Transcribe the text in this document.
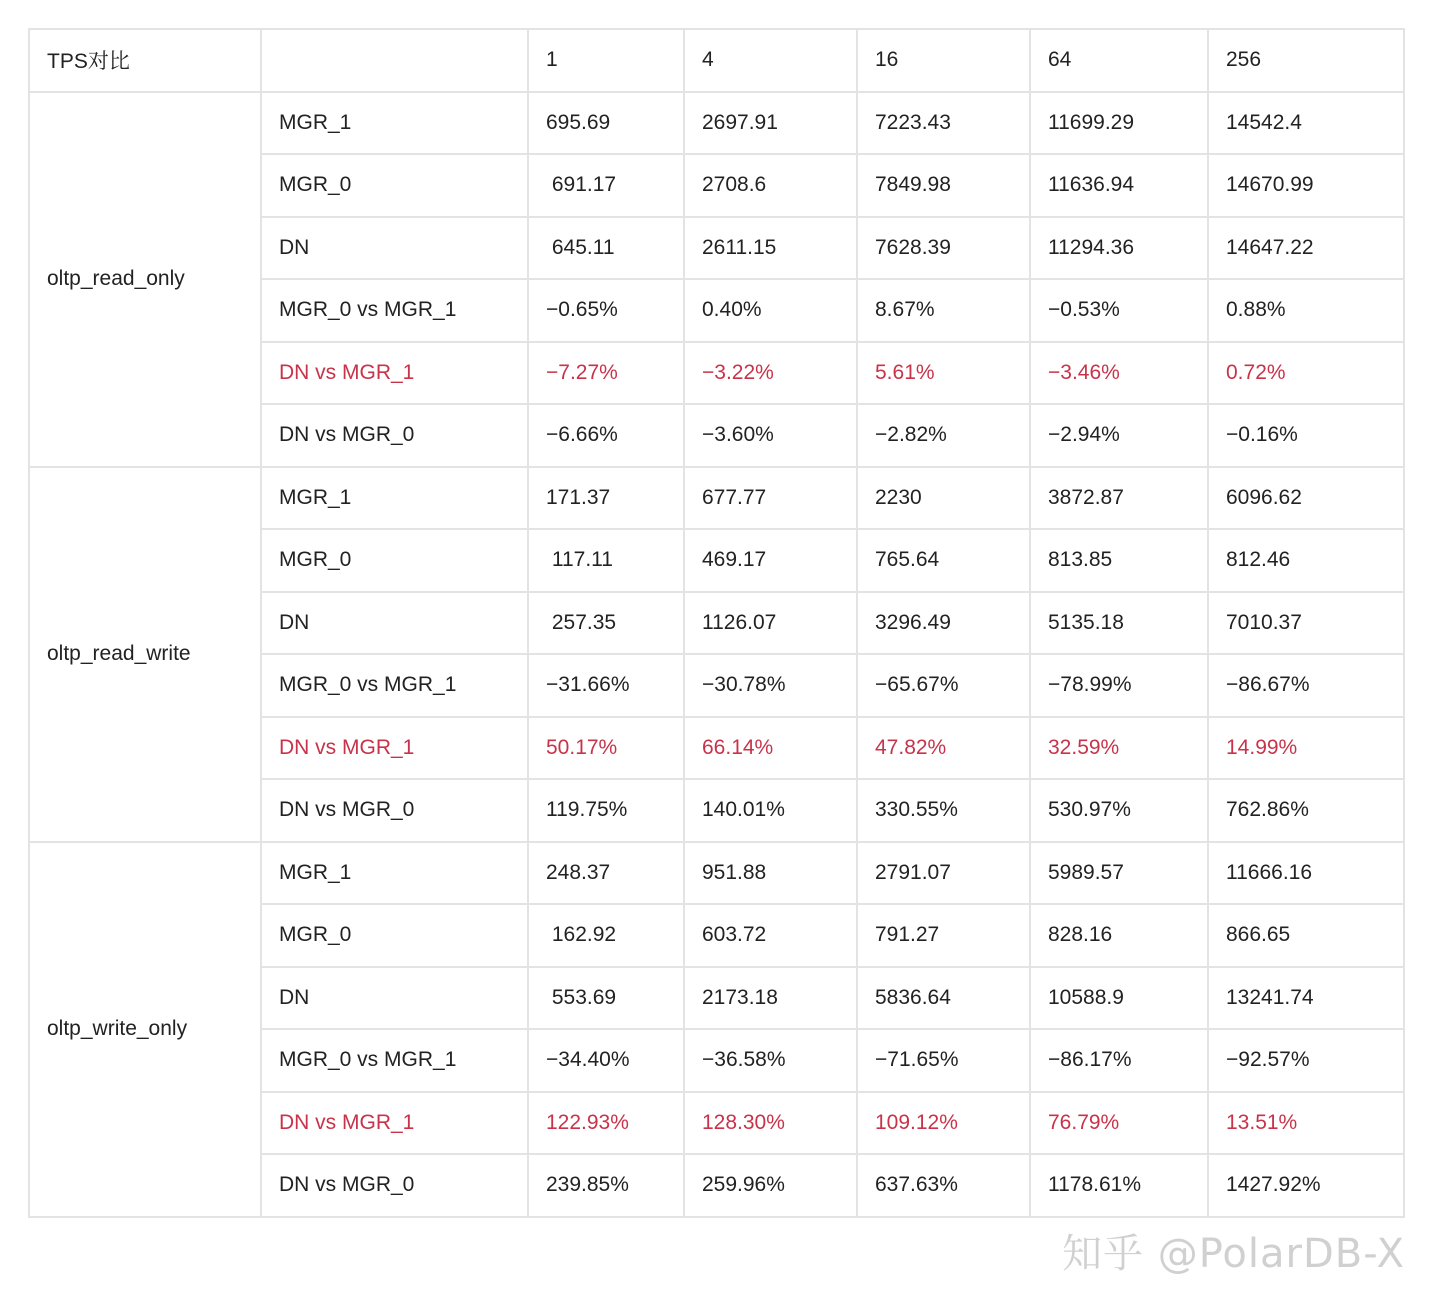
TPS对比		1	4	16	64	256
oltp_read_only	MGR_1	695.69	2697.91	7223.43	11699.29	14542.4
	MGR_0	691.17	2708.6	7849.98	11636.94	14670.99
	DN	645.11	2611.15	7628.39	11294.36	14647.22
	MGR_0 vs MGR_1	−0.65%	0.40%	8.67%	−0.53%	0.88%
	DN vs MGR_1	−7.27%	−3.22%	5.61%	−3.46%	0.72%
	DN vs MGR_0	−6.66%	−3.60%	−2.82%	−2.94%	−0.16%
oltp_read_write	MGR_1	171.37	677.77	2230	3872.87	6096.62
	MGR_0	117.11	469.17	765.64	813.85	812.46
	DN	257.35	1126.07	3296.49	5135.18	7010.37
	MGR_0 vs MGR_1	−31.66%	−30.78%	−65.67%	−78.99%	−86.67%
	DN vs MGR_1	50.17%	66.14%	47.82%	32.59%	14.99%
	DN vs MGR_0	119.75%	140.01%	330.55%	530.97%	762.86%
oltp_write_only	MGR_1	248.37	951.88	2791.07	5989.57	11666.16
	MGR_0	162.92	603.72	791.27	828.16	866.65
	DN	553.69	2173.18	5836.64	10588.9	13241.74
	MGR_0 vs MGR_1	−34.40%	−36.58%	−71.65%	−86.17%	−92.57%
	DN vs MGR_1	122.93%	128.30%	109.12%	76.79%	13.51%
	DN vs MGR_0	239.85%	259.96%	637.63%	1178.61%	1427.92%
知乎 @PolarDB-X
